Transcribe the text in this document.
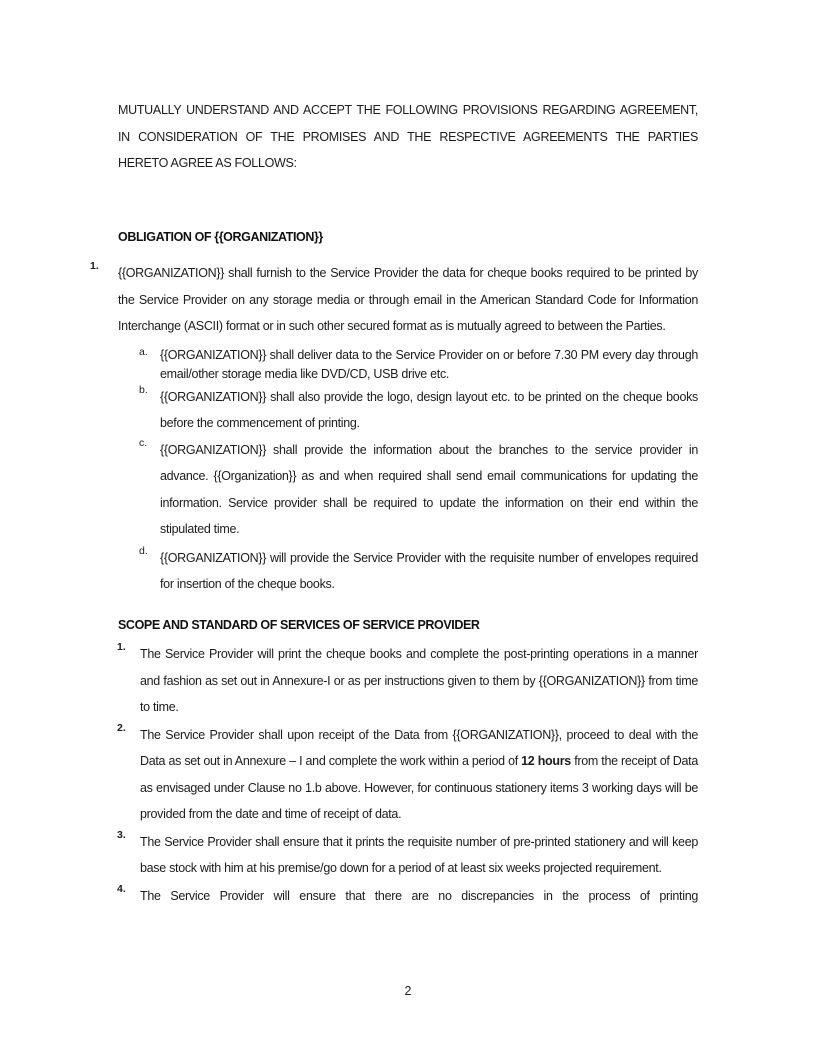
MUTUALLY UNDERSTAND AND ACCEPT THE FOLLOWING PROVISIONS REGARDING AGREEMENT, IN CONSIDERATION OF THE PROMISES AND THE RESPECTIVE AGREEMENTS THE PARTIES HERETO AGREE AS FOLLOWS:

OBLIGATION OF {{ORGANIZATION}}

1. {{ORGANIZATION}} shall furnish to the Service Provider the data for cheque books required to be printed by the Service Provider on any storage media or through email in the American Standard Code for Information Interchange (ASCII) format or in such other secured format as is mutually agreed to between the Parties.

a. {{ORGANIZATION}} shall deliver data to the Service Provider on or before 7.30 PM every day through email/other storage media like DVD/CD, USB drive etc.

b. {{ORGANIZATION}} shall also provide the logo, design layout etc. to be printed on the cheque books before the commencement of printing.

c. {{ORGANIZATION}} shall provide the information about the branches to the service provider in advance. {{Organization}} as and when required shall send email communications for updating the information. Service provider shall be required to update the information on their end within the stipulated time.

d. {{ORGANIZATION}} will provide the Service Provider with the requisite number of envelopes required for insertion of the cheque books.

SCOPE AND STANDARD OF SERVICES OF SERVICE PROVIDER

1. The Service Provider will print the cheque books and complete the post-printing operations in a manner and fashion as set out in Annexure-I or as per instructions given to them by {{ORGANIZATION}} from time to time.

2. The Service Provider shall upon receipt of the Data from {{ORGANIZATION}}, proceed to deal with the Data as set out in Annexure – I and complete the work within a period of 12 hours from the receipt of Data as envisaged under Clause no 1.b above. However, for continuous stationery items 3 working days will be provided from the date and time of receipt of data.

3. The Service Provider shall ensure that it prints the requisite number of pre-printed stationery and will keep base stock with him at his premise/go down for a period of at least six weeks projected requirement.

4. The Service Provider will ensure that there are no discrepancies in the process of printing

2
